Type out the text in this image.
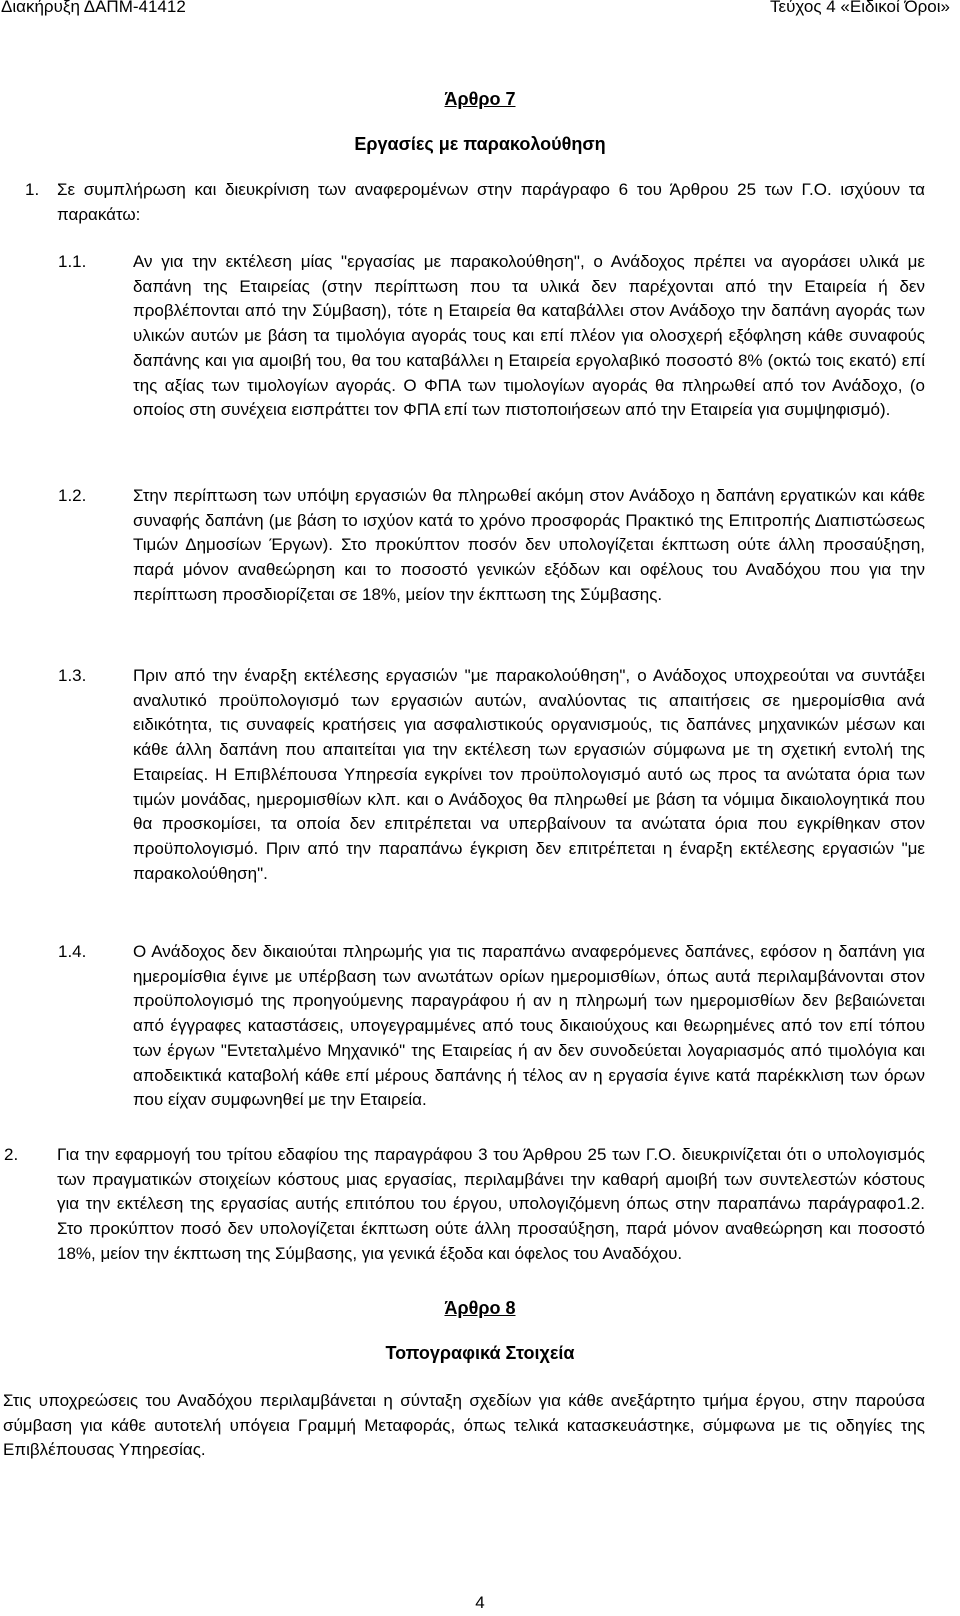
Διακήρυξη ΔΑΠΜ-41412	Τεύχος 4 «Ειδικοί Όροι»
Άρθρο 7
Εργασίες με παρακολούθηση
1. Σε συμπλήρωση και διευκρίνιση των αναφερομένων στην παράγραφο 6 του Άρθρου 25 των Γ.Ο. ισχύουν τα παρακάτω:
1.1.	Αν για την εκτέλεση μίας "εργασίας με παρακολούθηση", ο Ανάδοχος πρέπει να αγοράσει υλικά με δαπάνη της Εταιρείας (στην περίπτωση που τα υλικά δεν παρέχονται από την Εταιρεία ή δεν προβλέπονται από την Σύμβαση), τότε η Εταιρεία θα καταβάλλει στον Ανάδοχο την δαπάνη αγοράς των υλικών αυτών με βάση τα τιμολόγια αγοράς τους και επί πλέον για ολοσχερή εξόφληση κάθε συναφούς δαπάνης και για αμοιβή του, θα του καταβάλλει η Εταιρεία εργολαβικό ποσοστό 8% (οκτώ τοις εκατό) επί της αξίας των τιμολογίων αγοράς. Ο ΦΠΑ των τιμολογίων αγοράς θα πληρωθεί από τον Ανάδοχο, (ο οποίος στη συνέχεια εισπράττει τον ΦΠΑ επί των πιστοποιήσεων από την Εταιρεία για συμψηφισμό).
1.2.	Στην περίπτωση των υπόψη εργασιών θα πληρωθεί ακόμη στον Ανάδοχο η δαπάνη εργατικών και κάθε συναφής δαπάνη (με βάση το ισχύον κατά το χρόνο προσφοράς Πρακτικό της Επιτροπής Διαπιστώσεως Τιμών Δημοσίων Έργων). Στο προκύπτον ποσόν δεν υπολογίζεται έκπτωση ούτε άλλη προσαύξηση, παρά μόνον αναθεώρηση και το ποσοστό γενικών εξόδων και οφέλους του Αναδόχου που για την περίπτωση προσδιορίζεται σε 18%, μείον την έκπτωση της Σύμβασης.
1.3.	Πριν από την έναρξη εκτέλεσης εργασιών "με παρακολούθηση", ο Ανάδοχος υποχρεούται να συντάξει αναλυτικό προϋπολογισμό των εργασιών αυτών, αναλύοντας τις απαιτήσεις σε ημερομίσθια ανά ειδικότητα, τις συναφείς κρατήσεις για ασφαλιστικούς οργανισμούς, τις δαπάνες μηχανικών μέσων και κάθε άλλη δαπάνη που απαιτείται για την εκτέλεση των εργασιών σύμφωνα με τη σχετική εντολή της Εταιρείας. Η Επιβλέπουσα Υπηρεσία εγκρίνει τον προϋπολογισμό αυτό ως προς τα ανώτατα όρια των τιμών μονάδας, ημερομισθίων κλπ. και ο Ανάδοχος θα πληρωθεί με βάση τα νόμιμα δικαιολογητικά που θα προσκομίσει, τα οποία δεν επιτρέπεται να υπερβαίνουν τα ανώτατα όρια που εγκρίθηκαν στον προϋπολογισμό. Πριν από την παραπάνω έγκριση δεν επιτρέπεται η έναρξη εκτέλεσης εργασιών "με παρακολούθηση".
1.4.	Ο Ανάδοχος δεν δικαιούται πληρωμής για τις παραπάνω αναφερόμενες δαπάνες, εφόσον η δαπάνη για ημερομίσθια έγινε με υπέρβαση των ανωτάτων ορίων ημερομισθίων, όπως αυτά περιλαμβάνονται στον προϋπολογισμό της προηγούμενης παραγράφου ή αν η πληρωμή των ημερομισθίων δεν βεβαιώνεται από έγγραφες καταστάσεις, υπογεγραμμένες από τους δικαιούχους και θεωρημένες από τον επί τόπου των έργων "Εντεταλμένο Μηχανικό" της Εταιρείας ή αν δεν συνοδεύεται λογαριασμός από τιμολόγια και αποδεικτικά καταβολή κάθε επί μέρους δαπάνης ή τέλος αν η εργασία έγινε κατά παρέκκλιση των όρων που είχαν συμφωνηθεί με την Εταιρεία.
2. Για την εφαρμογή του τρίτου εδαφίου της παραγράφου 3 του Άρθρου 25 των Γ.Ο. διευκρινίζεται ότι ο υπολογισμός των πραγματικών στοιχείων κόστους μιας εργασίας, περιλαμβάνει την καθαρή αμοιβή των συντελεστών κόστους για την εκτέλεση της εργασίας αυτής επιτόπου του έργου, υπολογιζόμενη όπως στην παραπάνω παράγραφο1.2. Στο προκύπτον ποσό δεν υπολογίζεται έκπτωση ούτε άλλη προσαύξηση, παρά μόνον αναθεώρηση και ποσοστό 18%, μείον την έκπτωση της Σύμβασης, για γενικά έξοδα και όφελος του Αναδόχου.
Άρθρο 8
Τοπογραφικά Στοιχεία
Στις υποχρεώσεις του Αναδόχου περιλαμβάνεται η σύνταξη σχεδίων για κάθε ανεξάρτητο τμήμα έργου, στην παρούσα σύμβαση για κάθε αυτοτελή υπόγεια Γραμμή Μεταφοράς, όπως τελικά κατασκευάστηκε, σύμφωνα με τις οδηγίες της Επιβλέπουσας Υπηρεσίας.
4
